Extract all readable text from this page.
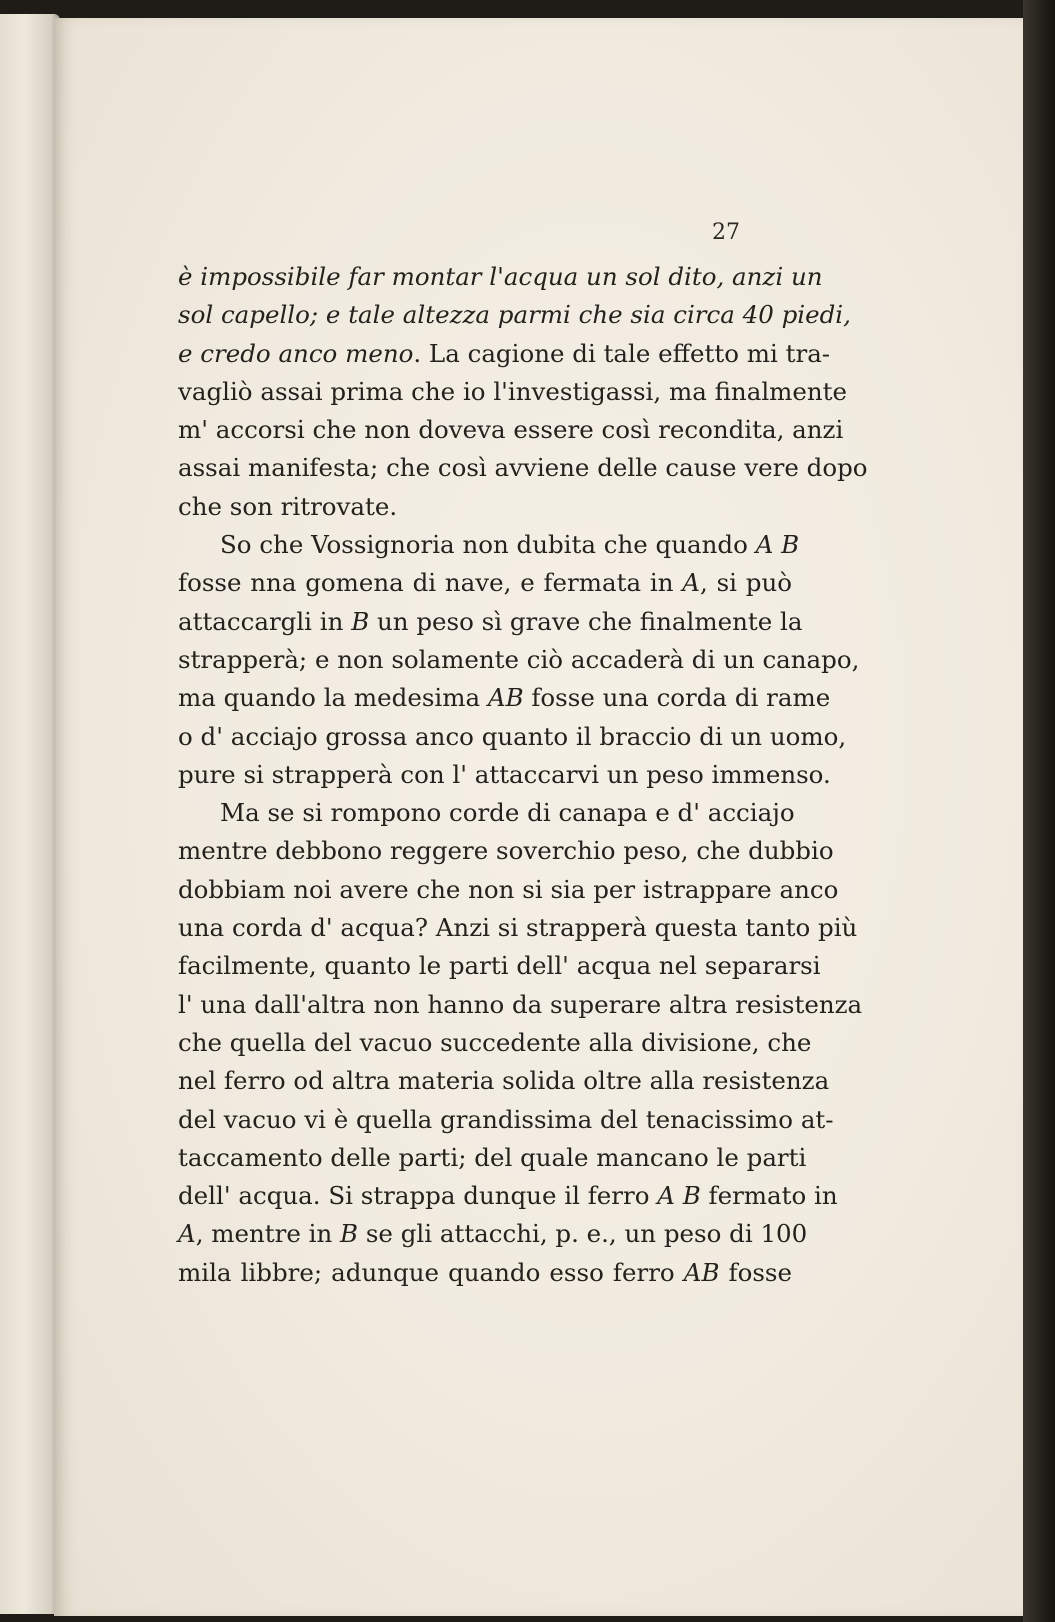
27
è impossibile far montar l'acqua un sol dito, anzi un
sol capello; e tale altezza parmi che sia circa 40 piedi,
e credo anco meno. La cagione di tale effetto mi tra-
vagliò assai prima che io l'investigassi, ma finalmente
m' accorsi che non doveva essere così recondita, anzi
assai manifesta; che così avviene delle cause vere dopo
che son ritrovate.
So che Vossignoria non dubita che quando A B
fosse nna gomena di nave, e fermata in A, si può
attaccargli in B un peso sì grave che finalmente la
strapperà; e non solamente ciò accaderà di un canapo,
ma quando la medesima AB fosse una corda di rame
o d' acciajo grossa anco quanto il braccio di un uomo,
pure si strapperà con l' attaccarvi un peso immenso.
Ma se si rompono corde di canapa e d' acciajo
mentre debbono reggere soverchio peso, che dubbio
dobbiam noi avere che non si sia per istrappare anco
una corda d' acqua? Anzi si strapperà questa tanto più
facilmente, quanto le parti dell' acqua nel separarsi
l' una dall'altra non hanno da superare altra resistenza
che quella del vacuo succedente alla divisione, che
nel ferro od altra materia solida oltre alla resistenza
del vacuo vi è quella grandissima del tenacissimo at-
taccamento delle parti; del quale mancano le parti
dell' acqua. Si strappa dunque il ferro A B fermato in
A, mentre in B se gli attacchi, p. e., un peso di 100
mila libbre; adunque quando esso ferro AB fosse
